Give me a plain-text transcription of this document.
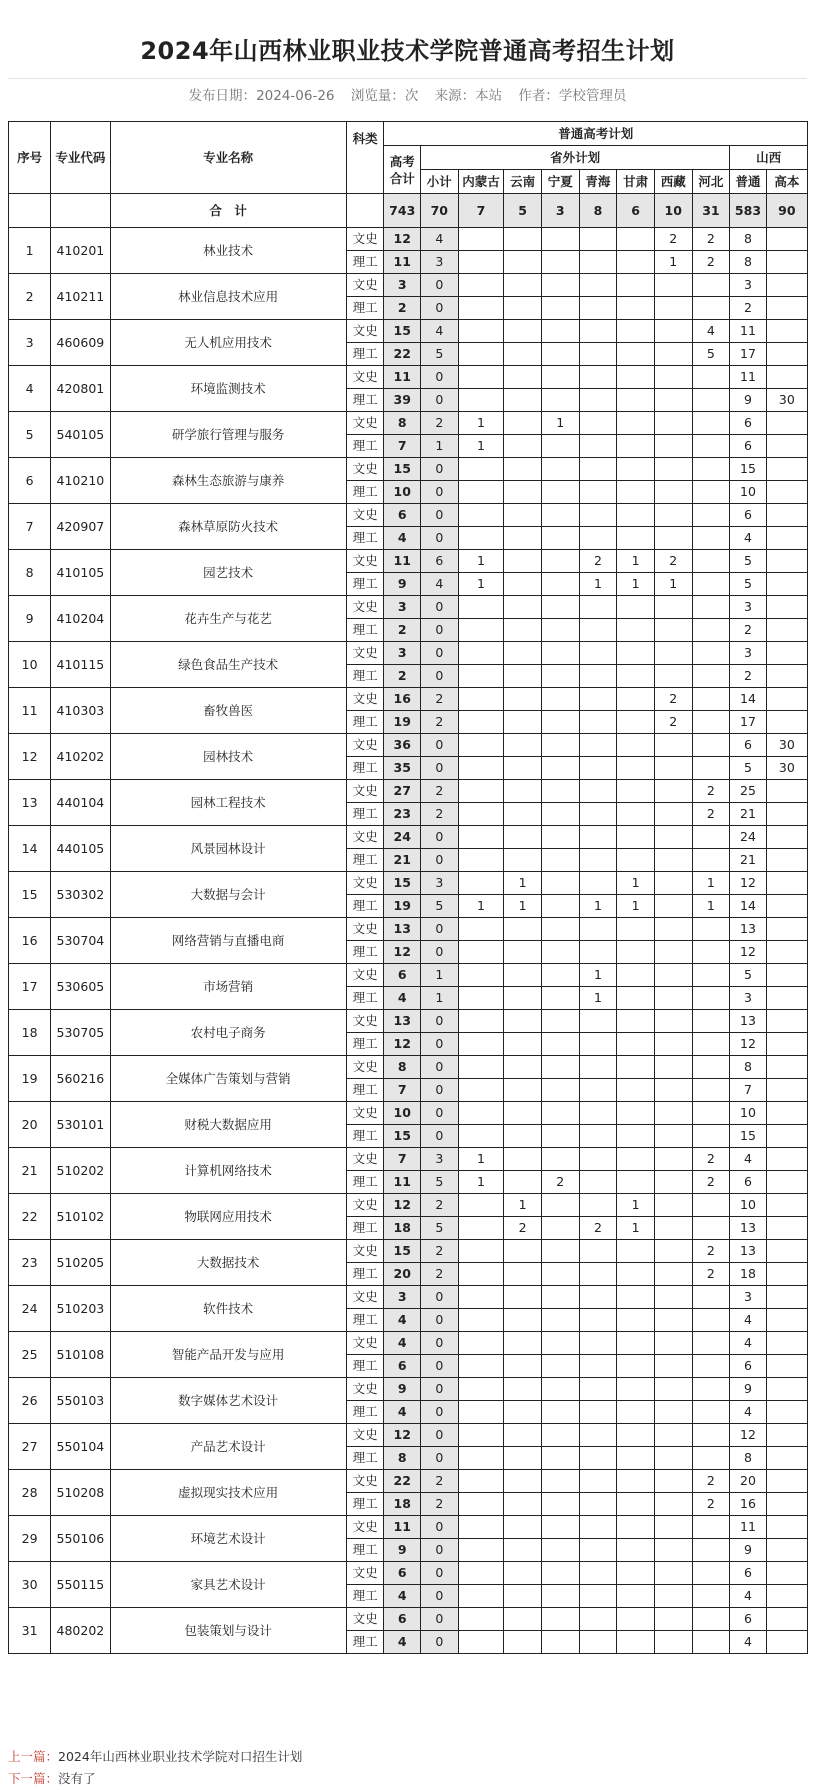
2024年山西林业职业技术学院普通高考招生计划
发布日期：2024-06-26 浏览量：次 来源：本站 作者：学校管理员
序号	专业代码	专业名称	科类	普通高考计划										
				高考合计	省外计划								山西	
					小计	内蒙古	云南	宁夏	青海	甘肃	西藏	河北	普通	高本
		合　计		743	70	7	5	3	8	6	10	31	583	90
1	410201	林业技术	文史	12	4						2	2	8	
			理工	11	3						1	2	8	
2	410211	林业信息技术应用	文史	3	0								3	
			理工	2	0								2	
3	460609	无人机应用技术	文史	15	4							4	11	
			理工	22	5							5	17	
4	420801	环境监测技术	文史	11	0								11	
			理工	39	0								9	30
5	540105	研学旅行管理与服务	文史	8	2	1		1					6	
			理工	7	1	1							6	
6	410210	森林生态旅游与康养	文史	15	0								15	
			理工	10	0								10	
7	420907	森林草原防火技术	文史	6	0								6	
			理工	4	0								4	
8	410105	园艺技术	文史	11	6	1			2	1	2		5	
			理工	9	4	1			1	1	1		5	
9	410204	花卉生产与花艺	文史	3	0								3	
			理工	2	0								2	
10	410115	绿色食品生产技术	文史	3	0								3	
			理工	2	0								2	
11	410303	畜牧兽医	文史	16	2						2		14	
			理工	19	2						2		17	
12	410202	园林技术	文史	36	0								6	30
			理工	35	0								5	30
13	440104	园林工程技术	文史	27	2							2	25	
			理工	23	2							2	21	
14	440105	风景园林设计	文史	24	0								24	
			理工	21	0								21	
15	530302	大数据与会计	文史	15	3		1			1		1	12	
			理工	19	5	1	1		1	1		1	14	
16	530704	网络营销与直播电商	文史	13	0								13	
			理工	12	0								12	
17	530605	市场营销	文史	6	1				1				5	
			理工	4	1				1				3	
18	530705	农村电子商务	文史	13	0								13	
			理工	12	0								12	
19	560216	全媒体广告策划与营销	文史	8	0								8	
			理工	7	0								7	
20	530101	财税大数据应用	文史	10	0								10	
			理工	15	0								15	
21	510202	计算机网络技术	文史	7	3	1						2	4	
			理工	11	5	1		2				2	6	
22	510102	物联网应用技术	文史	12	2		1			1			10	
			理工	18	5		2		2	1			13	
23	510205	大数据技术	文史	15	2							2	13	
			理工	20	2							2	18	
24	510203	软件技术	文史	3	0								3	
			理工	4	0								4	
25	510108	智能产品开发与应用	文史	4	0								4	
			理工	6	0								6	
26	550103	数字媒体艺术设计	文史	9	0								9	
			理工	4	0								4	
27	550104	产品艺术设计	文史	12	0								12	
			理工	8	0								8	
28	510208	虚拟现实技术应用	文史	22	2							2	20	
			理工	18	2							2	16	
29	550106	环境艺术设计	文史	11	0								11	
			理工	9	0								9	
30	550115	家具艺术设计	文史	6	0								6	
			理工	4	0								4	
31	480202	包装策划与设计	文史	6	0								6	
			理工	4	0								4	
上一篇：2024年山西林业职业技术学院对口招生计划
下一篇：没有了
